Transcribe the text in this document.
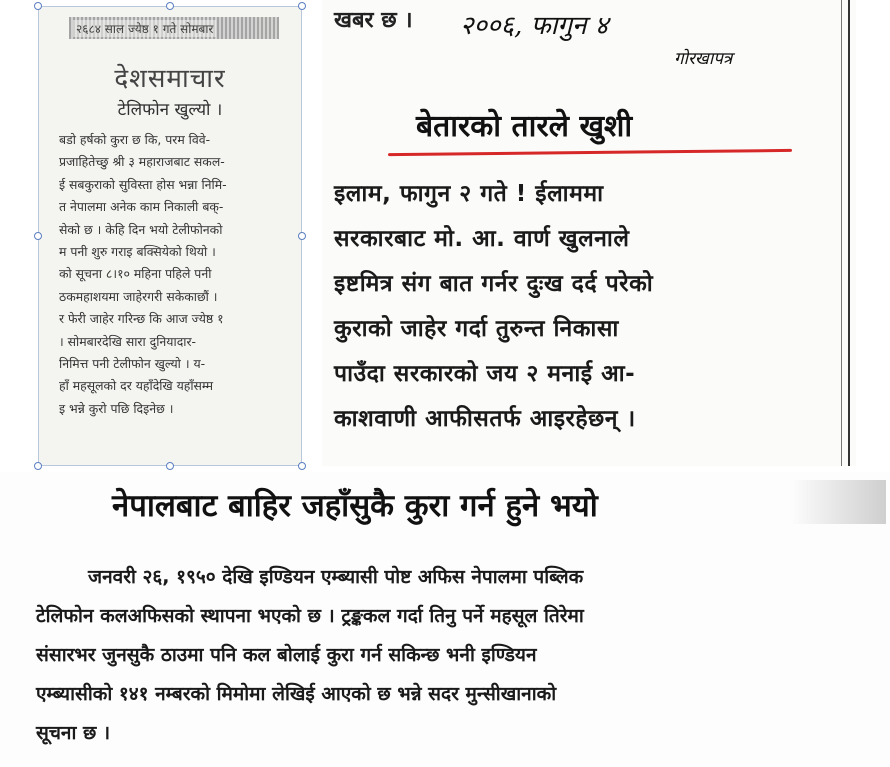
२६८४ साल ज्येष्ठ १ गते सोमबार
देशसमाचार
टेलिफोन खुल्यो ।
बडो हर्षको कुरा छ कि, परम विवे-
प्रजाहितेच्छु श्री ३ महाराजबाट सकल-
ई सबकुराको सुविस्ता होस भन्ना निमि-
त नेपालमा अनेक काम निकाली बक्-
सेको छ । केहि दिन भयो टेलीफोनको
म पनी शुरु गराइ बक्सियेको थियो ।
को सूचना ८।१० महिना पहिले पनी
ठकमहाशयमा जाहेरगरी सकेकाछौं ।
र फेरी जाहेर गरिन्छ कि आज ज्येष्ठ १
। सोमबारदेखि सारा दुनियादार-
निमित्त पनी टेलीफोन खुल्यो । य-
हाँ महसूलको दर यहाँदेखि यहाँसम्म
इ भन्ने कुरो पछि दिइनेछ ।
खबर छ । २००६, फागुन ४
गोरखापत्र
बेतारको तारले खुशी
इलाम, फागुन २ गते ! ईलाममा
सरकारबाट मो. आ. वार्ण खुलनाले
इष्टमित्र संग बात गर्नर दुःख दर्द परेको
कुराको जाहेर गर्दा तुरुन्त निकासा
पाउँदा सरकारको जय २ मनाई आ-
काशवाणी आफीसतर्फ आइरहेछन् ।
नेपालबाट बाहिर जहाँसुकै कुरा गर्न हुने भयो
जनवरी २६, १९५० देखि इण्डियन एम्ब्यासी पोष्ट अफिस नेपालमा पब्लिक
टेलिफोन कलअफिसको स्थापना भएको छ । ट्रङ्ककल गर्दा तिनु पर्ने महसूल तिरेमा
संसारभर जुनसुकै ठाउमा पनि कल बोलाई कुरा गर्न सकिन्छ भनी इण्डियन
एम्ब्यासीको १४१ नम्बरको मिमोमा लेखिई आएको छ भन्ने सदर मुन्सीखानाको
सूचना छ ।
